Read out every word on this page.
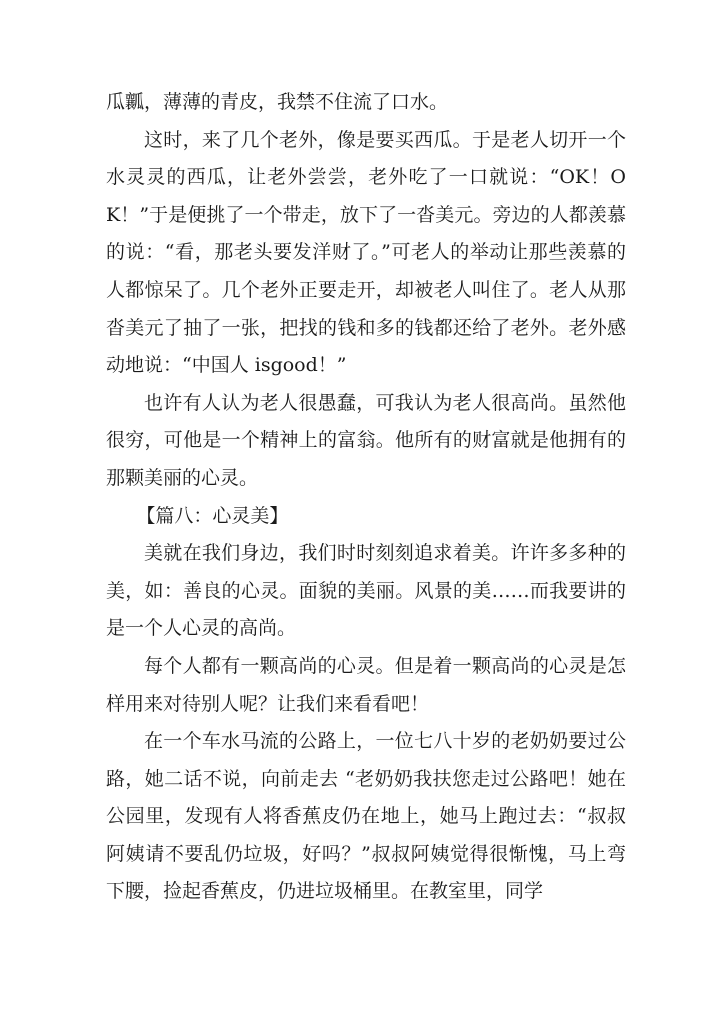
瓜瓤，薄薄的青皮，我禁不住流了口水。

这时，来了几个老外，像是要买西瓜。于是老人切开一个水灵灵的西瓜，让老外尝尝，老外吃了一口就说：“OK！OK！”于是便挑了一个带走，放下了一沓美元。旁边的人都羡慕的说：“看，那老头要发洋财了。”可老人的举动让那些羡慕的人都惊呆了。几个老外正要走开，却被老人叫住了。老人从那沓美元了抽了一张，把找的钱和多的钱都还给了老外。老外感动地说：“中国人 isgood！”

也许有人认为老人很愚蠢，可我认为老人很高尚。虽然他很穷，可他是一个精神上的富翁。他所有的财富就是他拥有的那颗美丽的心灵。

【篇八：心灵美】

美就在我们身边，我们时时刻刻追求着美。许许多多种的美，如：善良的心灵。面貌的美丽。风景的美……而我要讲的是一个人心灵的高尚。

每个人都有一颗高尚的心灵。但是着一颗高尚的心灵是怎样用来对待别人呢？让我们来看看吧！

在一个车水马流的公路上，一位七八十岁的老奶奶要过公路，她二话不说，向前走去 “老奶奶我扶您走过公路吧！她在公园里，发现有人将香蕉皮仍在地上，她马上跑过去：“叔叔阿姨请不要乱仍垃圾，好吗？”叔叔阿姨觉得很惭愧，马上弯下腰，捡起香蕉皮，仍进垃圾桶里。在教室里，同学
